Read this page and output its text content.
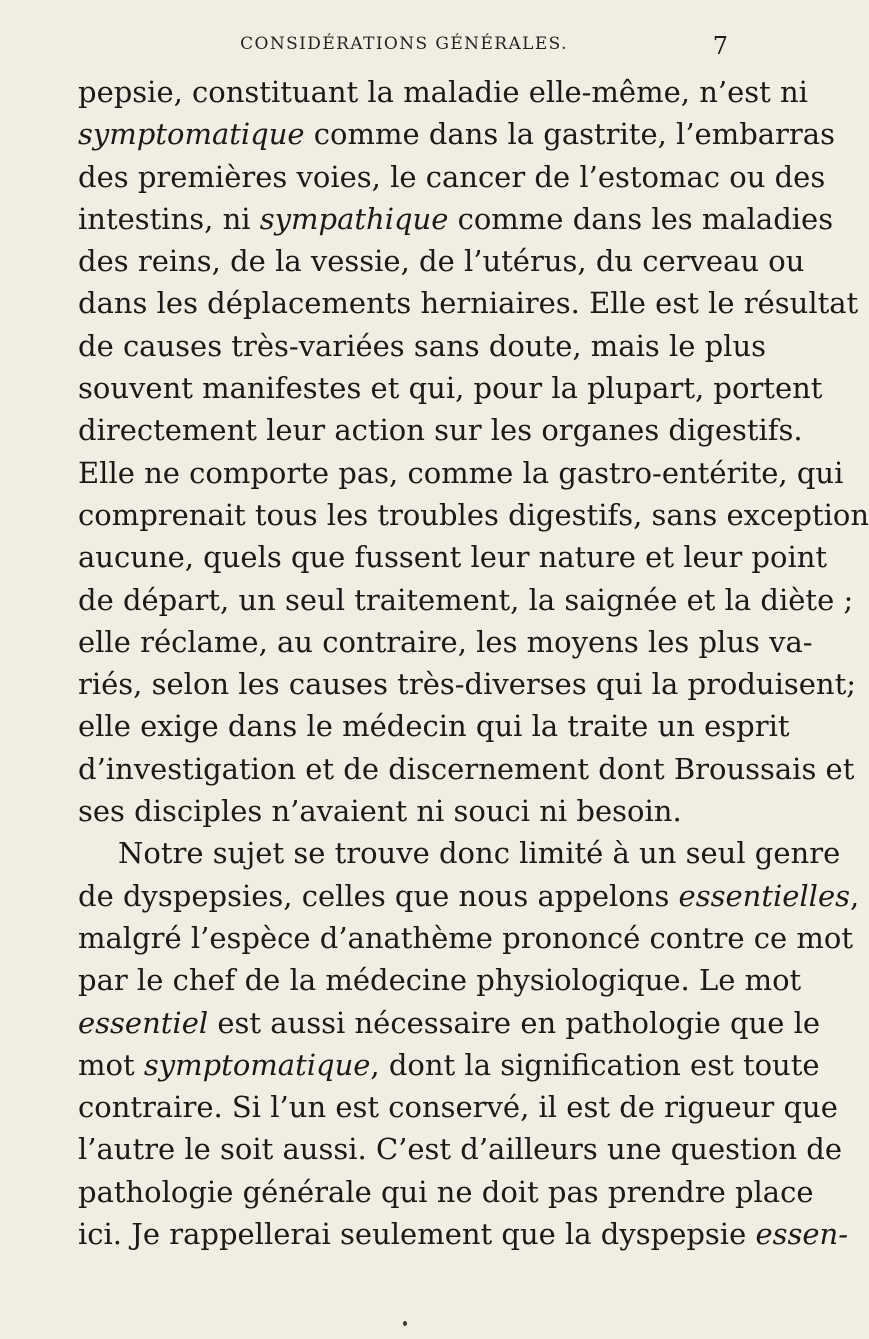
CONSIDÉRATIONS GÉNÉRALES.	7
pepsie, constituant la maladie elle-même, n’est ni
symptomatique comme dans la gastrite, l’embarras
des premières voies, le cancer de l’estomac ou des
intestins, ni sympathique comme dans les maladies
des reins, de la vessie, de l’utérus, du cerveau ou
dans les déplacements herniaires. Elle est le résultat
de causes très-variées sans doute, mais le plus
souvent manifestes et qui, pour la plupart, portent
directement leur action sur les organes digestifs.
Elle ne comporte pas, comme la gastro-entérite, qui
comprenait tous les troubles digestifs, sans exception
aucune, quels que fussent leur nature et leur point
de départ, un seul traitement, la saignée et la diète ;
elle réclame, au contraire, les moyens les plus va-
riés, selon les causes très-diverses qui la produisent;
elle exige dans le médecin qui la traite un esprit
d’investigation et de discernement dont Broussais et
ses disciples n’avaient ni souci ni besoin.
Notre sujet se trouve donc limité à un seul genre
de dyspepsies, celles que nous appelons essentielles,
malgré l’espèce d’anathème prononcé contre ce mot
par le chef de la médecine physiologique. Le mot
essentiel est aussi nécessaire en pathologie que le
mot symptomatique, dont la signification est toute
contraire. Si l’un est conservé, il est de rigueur que
l’autre le soit aussi. C’est d’ailleurs une question de
pathologie générale qui ne doit pas prendre place
ici. Je rappellerai seulement que la dyspepsie essen-
